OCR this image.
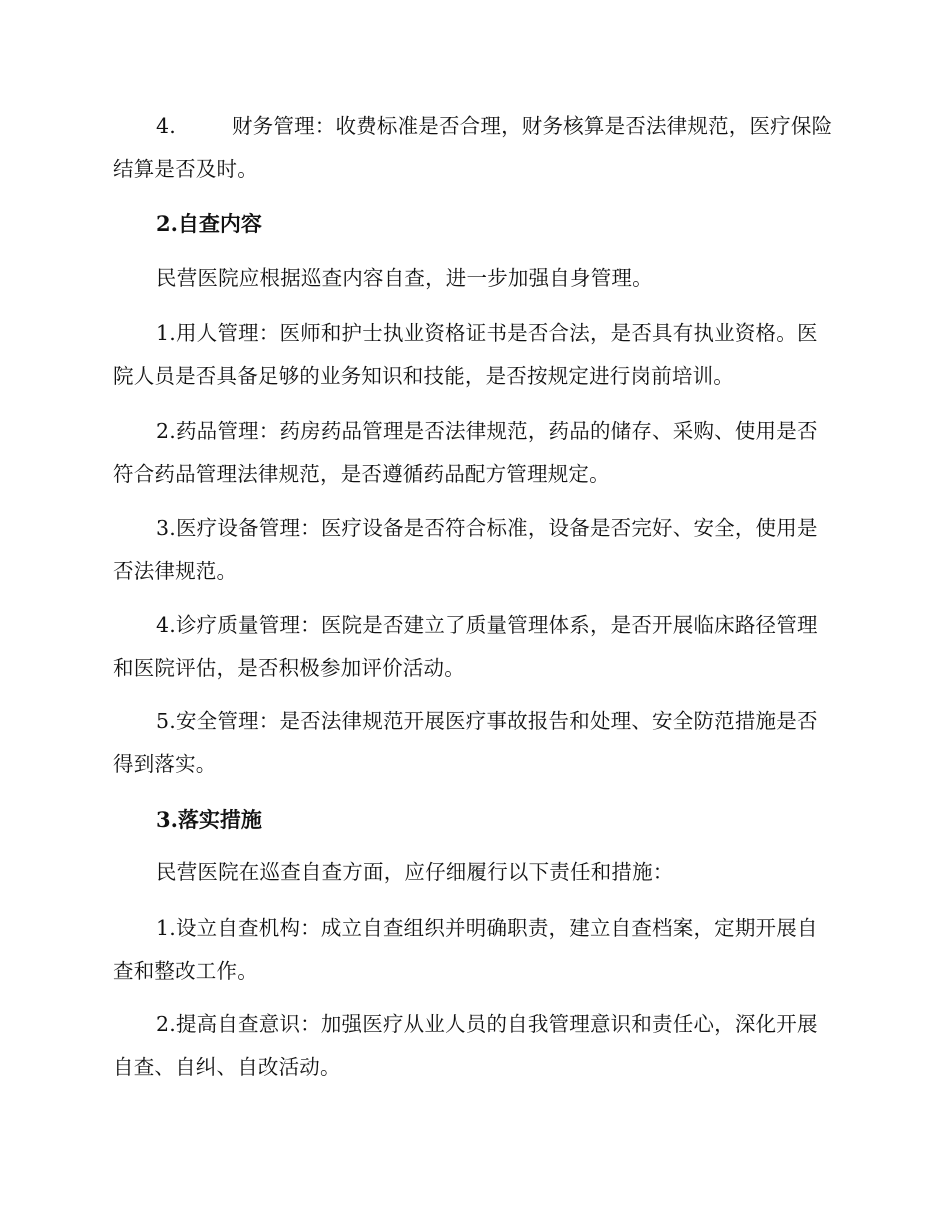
4.	财务管理：收费标准是否合理，财务核算是否法律规范，医疗保险结算是否及时。

2.自查内容

民营医院应根据巡查内容自查，进一步加强自身管理。

1.用人管理：医师和护士执业资格证书是否合法，是否具有执业资格。医院人员是否具备足够的业务知识和技能，是否按规定进行岗前培训。

2.药品管理：药房药品管理是否法律规范，药品的储存、采购、使用是否符合药品管理法律规范，是否遵循药品配方管理规定。

3.医疗设备管理：医疗设备是否符合标准，设备是否完好、安全，使用是否法律规范。

4.诊疗质量管理：医院是否建立了质量管理体系，是否开展临床路径管理和医院评估，是否积极参加评价活动。

5.安全管理：是否法律规范开展医疗事故报告和处理、安全防范措施是否得到落实。

3.落实措施

民营医院在巡查自查方面，应仔细履行以下责任和措施：

1.设立自查机构：成立自查组织并明确职责，建立自查档案，定期开展自查和整改工作。

2.提高自查意识：加强医疗从业人员的自我管理意识和责任心，深化开展自查、自纠、自改活动。
